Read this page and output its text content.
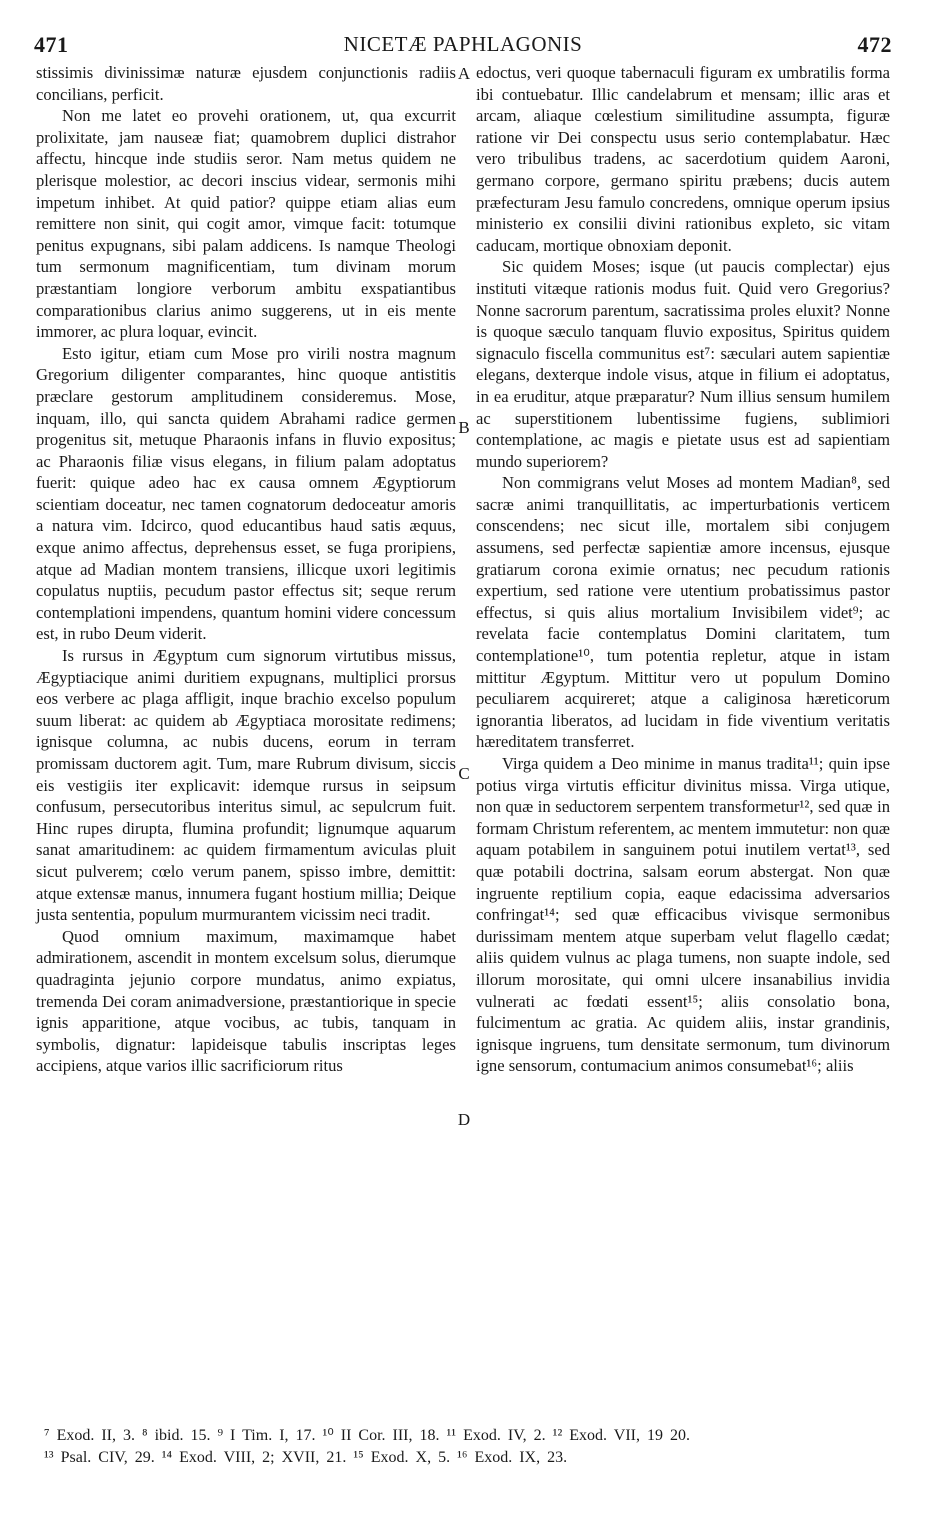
471	NICETÆ PAPHLAGONIS	472

stissimis divinissimæ naturæ ejusdem conjunctionis radiis concilians, perficit.

Non me latet eo provehi orationem, ut, qua excurrit prolixitate, jam nauseæ fiat; quamobrem duplici distrahor affectu, hincque inde studiis seror. Nam metus quidem ne plerisque molestior, ac decori inscius videar, sermonis mihi impetum inhibet. At quid patior? quippe etiam alias eum remittere non sinit, qui cogit amor, vimque facit: totumque penitus expugnans, sibi palam addicens. Is namque Theologi tum sermonum magnificentiam, tum divinam morum præstantiam longiore verborum ambitu exspatiantibus comparationibus clarius animo suggerens, ut in eis mente immorer, ac plura loquar, evincit.

Esto igitur, etiam cum Mose pro virili nostra magnum Gregorium diligenter comparantes, hinc quoque antistitis præclare gestorum amplitudinem consideremus. Mose, inquam, illo, qui sancta quidem Abrahami radice germen progenitus sit, metuque Pharaonis infans in fluvio expositus; ac Pharaonis filiæ visus elegans, in filium palam adoptatus fuerit: quique adeo hac ex causa omnem Ægyptiorum scientiam doceatur, nec tamen cognatorum dedoceatur amoris a natura vim. Idcirco, quod educantibus haud satis æquus, exque animo affectus, deprehensus esset, se fuga proripiens, atque ad Madian montem transiens, illicque uxori legitimis copulatus nuptiis, pecudum pastor effectus sit; seque rerum contemplationi impendens, quantum homini videre concessum est, in rubo Deum viderit.

Is rursus in Ægyptum cum signorum virtutibus missus, Ægyptiacique animi duritiem expugnans, multiplici prorsus eos verbere ac plaga affligit, inque brachio excelso populum suum liberat: ac quidem ab Ægyptiaca morositate redimens; ignisque columna, ac nubis ducens, eorum in terram promissam ductorem agit. Tum, mare Rubrum divisum, siccis eis vestigiis iter explicavit: idemque rursus in seipsum confusum, persecutoribus interitus simul, ac sepulcrum fuit. Hinc rupes dirupta, flumina profundit; lignumque aquarum sanat amaritudinem: ac quidem firmamentum aviculas pluit sicut pulverem; cœlo verum panem, spisso imbre, demittit: atque extensæ manus, innumera fugant hostium millia; Deique justa sententia, populum murmurantem vicissim neci tradit.

Quod omnium maximum, maximamque habet admirationem, ascendit in montem excelsum solus, dierumque quadraginta jejunio corpore mundatus, animo expiatus, tremenda Dei coram animadversione, præstantiorique in specie ignis apparitione, atque vocibus, ac tubis, tanquam in symbolis, dignatur: lapideisque tabulis inscriptas leges accipiens, atque varios illic sacrificiorum ritus

edoctus, veri quoque tabernaculi figuram ex umbratilis forma ibi contuebatur. Illic candelabrum et mensam; illic aras et arcam, aliaque cœlestium similitudine assumpta, figuræ ratione vir Dei conspectu usus serio contemplabatur. Hæc vero tribulibus tradens, ac sacerdotium quidem Aaroni, germano corpore, germano spiritu præbens; ducis autem præfecturam Jesu famulo concredens, omnique operum ipsius ministerio ex consilii divini rationibus expleto, sic vitam caducam, mortique obnoxiam deponit.

Sic quidem Moses; isque (ut paucis complectar) ejus instituti vitæque rationis modus fuit. Quid vero Gregorius? Nonne sacrorum parentum, sacratissima proles eluxit? Nonne is quoque sæculo tanquam fluvio expositus, Spiritus quidem signaculo fiscella communitus est⁷: sæculari autem sapientiæ elegans, dexterque indole visus, atque in filium ei adoptatus, in ea eruditur, atque præparatur? Num illius sensum humilem ac superstitionem lubentissime fugiens, sublimiori contemplatione, ac magis e pietate usus est ad sapientiam mundo superiorem?

Non commigrans velut Moses ad montem Madian⁸, sed sacræ animi tranquillitatis, ac imperturbationis verticem conscendens; nec sicut ille, mortalem sibi conjugem assumens, sed perfectæ sapientiæ amore incensus, ejusque gratiarum corona eximie ornatus; nec pecudum rationis expertium, sed ratione vere utentium probatissimus pastor effectus, si quis alius mortalium Invisibilem videt⁹; ac revelata facie contemplatus Domini claritatem, tum contemplatione¹⁰, tum potentia repletur, atque in istam mittitur Ægyptum. Mittitur vero ut populum Domino peculiarem acquireret; atque a caliginosa hæreticorum ignorantia liberatos, ad lucidam in fide viventium veritatis hæreditatem transferret.

Virga quidem a Deo minime in manus tradita¹¹; quin ipse potius virga virtutis efficitur divinitus missa. Virga utique, non quæ in seductorem serpentem transformetur¹², sed quæ in formam Christum referentem, ac mentem immutetur: non quæ aquam potabilem in sanguinem potui inutilem vertat¹³, sed quæ potabili doctrina, salsam eorum abstergat. Non quæ ingruente reptilium copia, eaque edacissima adversarios confringat¹⁴; sed quæ efficacibus vivisque sermonibus durissimam mentem atque superbam velut flagello cædat; aliis quidem vulnus ac plaga tumens, non suapte indole, sed illorum morositate, qui omni ulcere insanabilius invidia vulnerati ac fœdati essent¹⁵; aliis consolatio bona, fulcimentum ac gratia. Ac quidem aliis, instar grandinis, ignisque ingruens, tum densitate sermonum, tum divinorum igne sensorum, contumacium animos consumebat¹⁶; aliis

A
B
C
D
⁷ Exod. II, 3. ⁸ ibid. 15. ⁹ I Tim. I, 17. ¹⁰ II Cor. III, 18. ¹¹ Exod. IV, 2. ¹² Exod. VII, 19 20.
¹³ Psal. CIV, 29. ¹⁴ Exod. VIII, 2; XVII, 21. ¹⁵ Exod. X, 5. ¹⁶ Exod. IX, 23.
